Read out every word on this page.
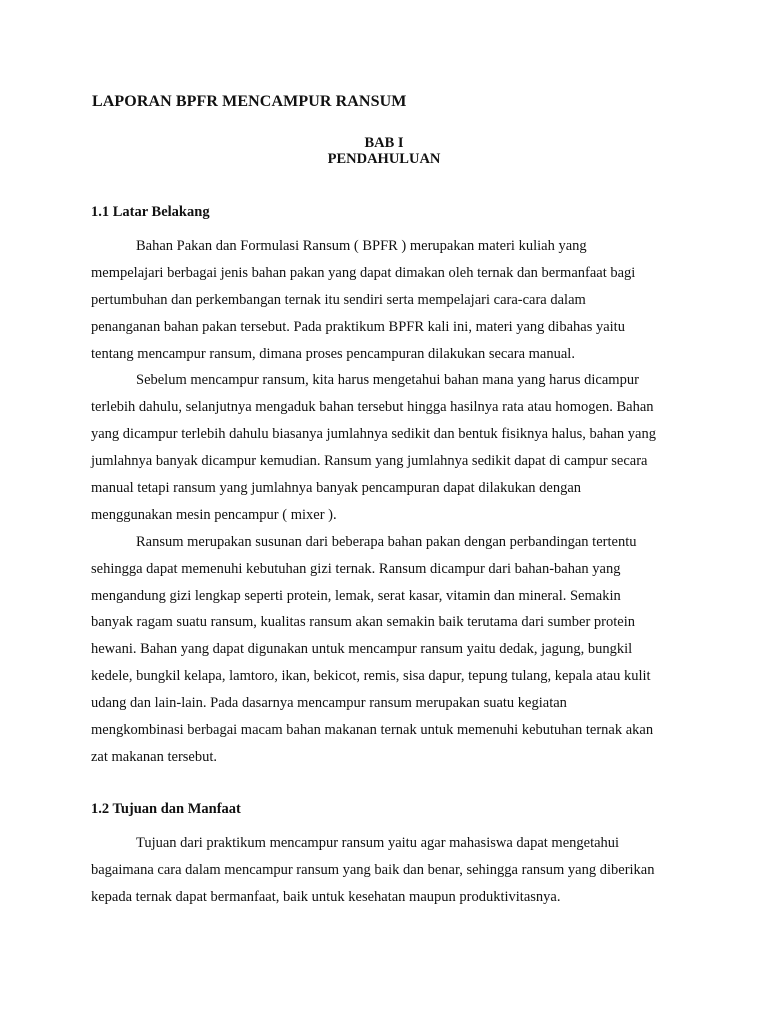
LAPORAN BPFR MENCAMPUR RANSUM
BAB I
PENDAHULUAN
1.1 Latar Belakang
Bahan Pakan dan Formulasi Ransum ( BPFR ) merupakan materi kuliah yang
mempelajari berbagai jenis bahan pakan yang dapat dimakan oleh ternak dan bermanfaat bagi
pertumbuhan dan perkembangan ternak itu sendiri serta mempelajari cara-cara dalam
penanganan bahan pakan tersebut. Pada praktikum BPFR kali ini, materi yang dibahas yaitu
tentang mencampur ransum, dimana proses pencampuran dilakukan secara manual.
Sebelum mencampur ransum, kita harus mengetahui bahan mana yang harus dicampur
terlebih dahulu, selanjutnya mengaduk bahan tersebut hingga hasilnya rata atau homogen. Bahan
yang dicampur terlebih dahulu biasanya jumlahnya sedikit dan bentuk fisiknya halus, bahan yang
jumlahnya banyak dicampur kemudian. Ransum yang jumlahnya sedikit dapat di campur secara
manual tetapi ransum yang jumlahnya banyak pencampuran dapat dilakukan dengan
menggunakan mesin pencampur ( mixer ).
Ransum merupakan susunan dari beberapa bahan pakan dengan perbandingan tertentu
sehingga dapat memenuhi kebutuhan gizi ternak. Ransum dicampur dari bahan-bahan yang
mengandung gizi lengkap seperti protein, lemak, serat kasar, vitamin dan mineral. Semakin
banyak ragam suatu ransum, kualitas ransum akan semakin baik terutama dari sumber protein
hewani. Bahan yang dapat digunakan untuk mencampur ransum yaitu dedak, jagung, bungkil
kedele, bungkil kelapa, lamtoro, ikan, bekicot, remis, sisa dapur, tepung tulang, kepala atau kulit
udang dan lain-lain. Pada dasarnya mencampur ransum merupakan suatu kegiatan
mengkombinasi berbagai macam bahan makanan ternak untuk memenuhi kebutuhan ternak akan
zat makanan tersebut.
1.2 Tujuan dan Manfaat
Tujuan dari praktikum mencampur ransum yaitu agar mahasiswa dapat mengetahui
bagaimana cara dalam mencampur ransum yang baik dan benar, sehingga ransum yang diberikan
kepada ternak dapat bermanfaat, baik untuk kesehatan maupun produktivitasnya.
